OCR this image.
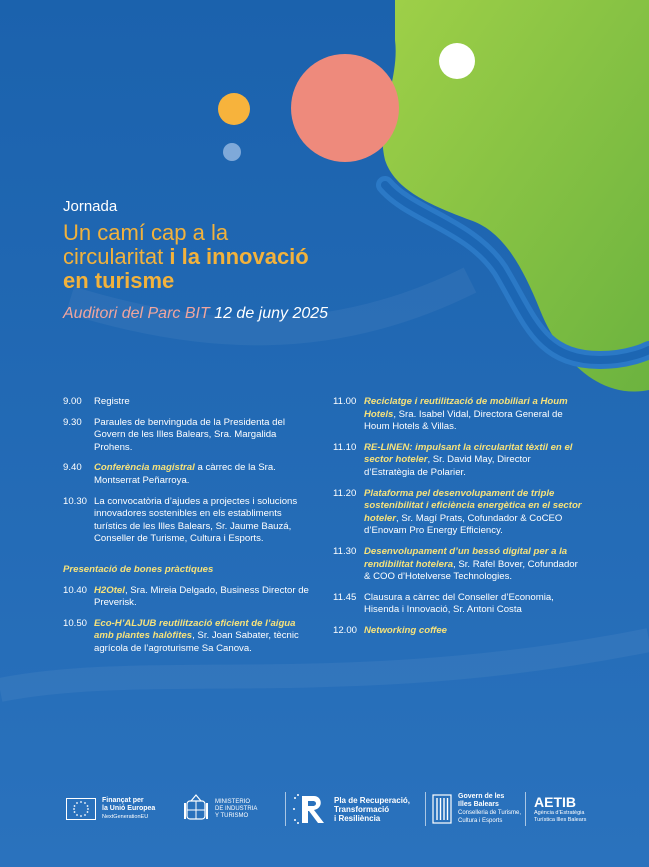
Jornada
Un camí cap a la
circularitat i la innovació
en turisme
Auditori del Parc BIT 12 de juny 2025
9.00	Registre
9.30	Paraules de benvinguda de la Presidenta del Govern de les Illes Balears, Sra. Margalida Prohens.
9.40	Conferència magistral a càrrec de la Sra. Montserrat Peñarroya.
10.30 La convocatòria d’ajudes a projectes i solucions innovadores sostenibles en els establiments turístics de les Illes Balears, Sr. Jaume Bauzá, Conseller de Turisme, Cultura i Esports.
Presentació de bones pràctiques
10.40 H2Otel, Sra. Mireia Delgado, Business Director de Preverisk.
10.50 Eco-H’ALJUB reutilització eficient de l’aigua amb plantes halòfites, Sr. Joan Sabater, tècnic agrícola de l’agroturisme Sa Canova.
11.00 Reciclatge i reutilització de mobiliari a Houm Hotels, Sra. Isabel Vidal, Directora General de Houm Hotels & Villas.
11.10 RE-LINEN: impulsant la circularitat tèxtil en el sector hoteler, Sr. David May, Director d’Estratègia de Polarier.
11.20 Plataforma pel desenvolupament de triple sostenibilitat i eficiència energètica en el sector hoteler, Sr. Magí Prats, Cofundador & CoCEO d’Enovam Pro Energy Efficiency.
11.30 Desenvolupament d’un bessó digital per a la rendibilitat hotelera, Sr. Rafel Bover, Cofundador & COO d’Hotelverse Technologies.
11.45 Clausura a càrrec del Conseller d’Economia, Hisenda i Innovació, Sr. Antoni Costa
12.00 Networking coffee
Finançat per
la Unió Europea
NextGenerationEU
MINISTERIO
DE INDUSTRIA
Y TURISMO
Pla de Recuperació,
Transformació
i Resiliència
Govern de les
Illes Balears
Conselleria de Turisme,
Cultura i Esports
AETIB
Agència d’Estratègia
Turística Illes Balears
